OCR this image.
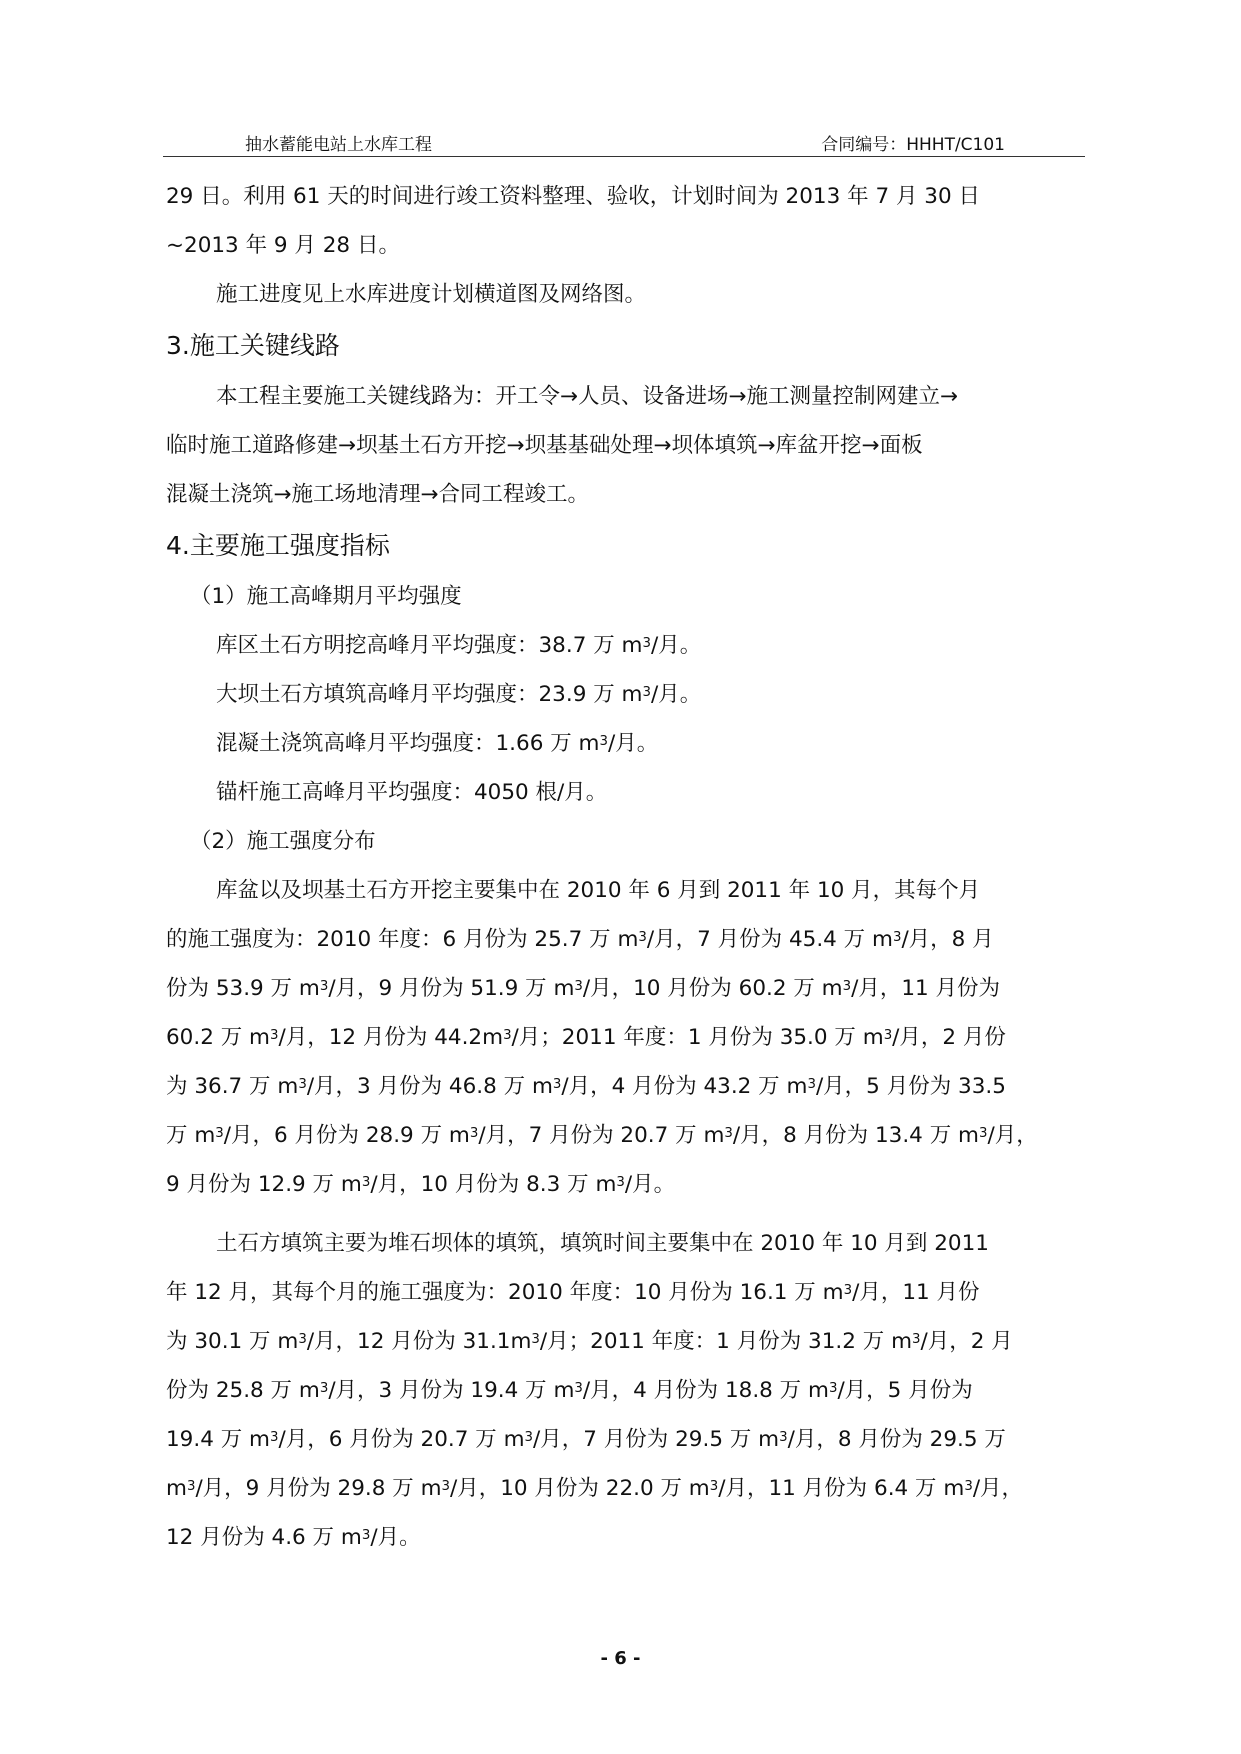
抽水蓄能电站上水库工程	合同编号：HHHT/C101
29 日。利用 61 天的时间进行竣工资料整理、验收，计划时间为 2013 年 7 月 30 日
~2013 年 9 月 28 日。
施工进度见上水库进度计划横道图及网络图。
3.施工关键线路
本工程主要施工关键线路为：开工令→人员、设备进场→施工测量控制网建立→
临时施工道路修建→坝基土石方开挖→坝基基础处理→坝体填筑→库盆开挖→面板
混凝土浇筑→施工场地清理→合同工程竣工。
4.主要施工强度指标
（1）施工高峰期月平均强度
库区土石方明挖高峰月平均强度：38.7 万 $m^3/$月。
大坝土石方填筑高峰月平均强度：23.9 万 $m^3/$月。
混凝土浇筑高峰月平均强度：1.66 万 $m^3/$月。
锚杆施工高峰月平均强度：4050 根/月。
（2）施工强度分布
库盆以及坝基土石方开挖主要集中在 2010 年 6 月到 2011 年 10 月，其每个月
的施工强度为：2010 年度：6 月份为 25.7 万 $m^3/$月，7 月份为 45.4 万 $m^3/$月，8 月
份为 53.9 万 $m^3/$月，9 月份为 51.9 万 $m^3/$月，10 月份为 60.2 万 $m^3/$月，11 月份为
60.2 万 $m^3/$月，12 月份为 $44.2m^3/$月；2011 年度：1 月份为 35.0 万 $m^3/$月，2 月份
为 36.7 万 $m^3/$月，3 月份为 46.8 万 $m^3/$月，4 月份为 43.2 万 $m^3/$月，5 月份为 33.5
万 $m^3/$月，6 月份为 28.9 万 $m^3/$月，7 月份为 20.7 万 $m^3/$月，8 月份为 13.4 万 $m^3/$月，
9 月份为 12.9 万 $m^3/$月，10 月份为 8.3 万 $m^3/$月。
土石方填筑主要为堆石坝体的填筑，填筑时间主要集中在 2010 年 10 月到 2011
年 12 月，其每个月的施工强度为：2010 年度：10 月份为 16.1 万 $m^3/$月，11 月份
为 30.1 万 $m^3/$月，12 月份为 $31.1m^3/$月；2011 年度：1 月份为 31.2 万 $m^3/$月，2 月
份为 25.8 万 $m^3/$月，3 月份为 19.4 万 $m^3/$月，4 月份为 18.8 万 $m^3/$月，5 月份为
19.4 万 $m^3/$月，6 月份为 20.7 万 $m^3/$月，7 月份为 29.5 万 $m^3/$月，8 月份为 29.5 万
$m^3/$月，9 月份为 29.8 万 $m^3/$月，10 月份为 22.0 万 $m^3/$月，11 月份为 6.4 万 $m^3/$月，
12 月份为 4.6 万 $m^3/$月。
- 6 -
